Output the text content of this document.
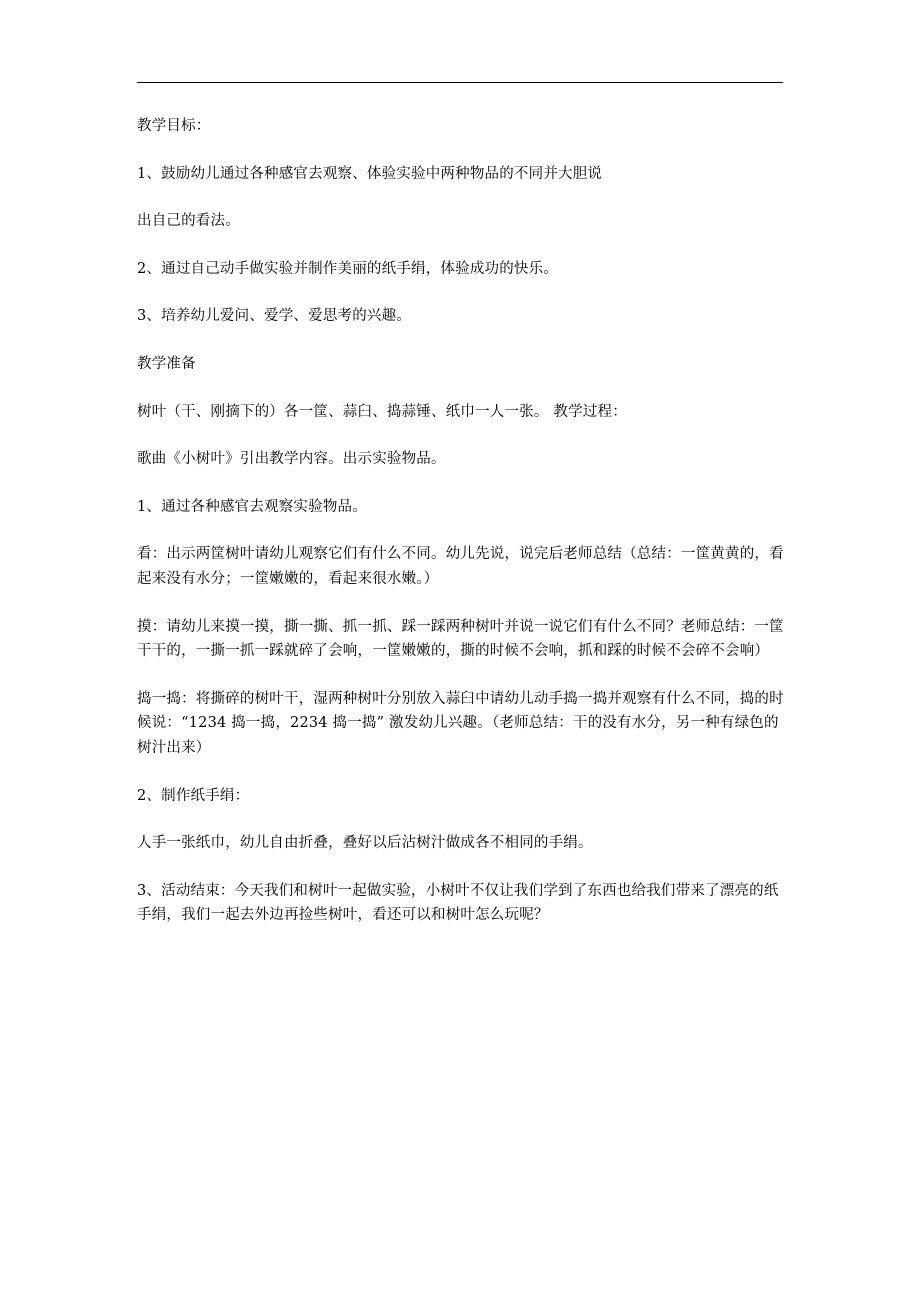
教学目标：

1、鼓励幼儿通过各种感官去观察、体验实验中两种物品的不同并大胆说

出自己的看法。

2、通过自己动手做实验并制作美丽的纸手绢，体验成功的快乐。

3、培养幼儿爱问、爱学、爱思考的兴趣。

教学准备

树叶（干、刚摘下的）各一筐、蒜臼、捣蒜锤、纸巾一人一张。 教学过程：

歌曲《小树叶》引出教学内容。出示实验物品。

1、通过各种感官去观察实验物品。

看：出示两筐树叶请幼儿观察它们有什么不同。幼儿先说，说完后老师总结（总结：一筐黄黄的，看起来没有水分；一筐嫩嫩的，看起来很水嫩。）

摸：请幼儿来摸一摸，撕一撕、抓一抓、踩一踩两种树叶并说一说它们有什么不同？老师总结：一筐干干的，一撕一抓一踩就碎了会响，一筐嫩嫩的，撕的时候不会响，抓和踩的时候不会碎不会响）

捣一捣：将撕碎的树叶干，湿两种树叶分别放入蒜臼中请幼儿动手捣一捣并观察有什么不同，捣的时候说：“1234 捣一捣，2234 捣一捣” 激发幼儿兴趣。（老师总结：干的没有水分，另一种有绿色的树汁出来）

2、制作纸手绢：

人手一张纸巾，幼儿自由折叠，叠好以后沾树汁做成各不相同的手绢。

3、活动结束：今天我们和树叶一起做实验，小树叶不仅让我们学到了东西也给我们带来了漂亮的纸手绢，我们一起去外边再捡些树叶，看还可以和树叶怎么玩呢？
